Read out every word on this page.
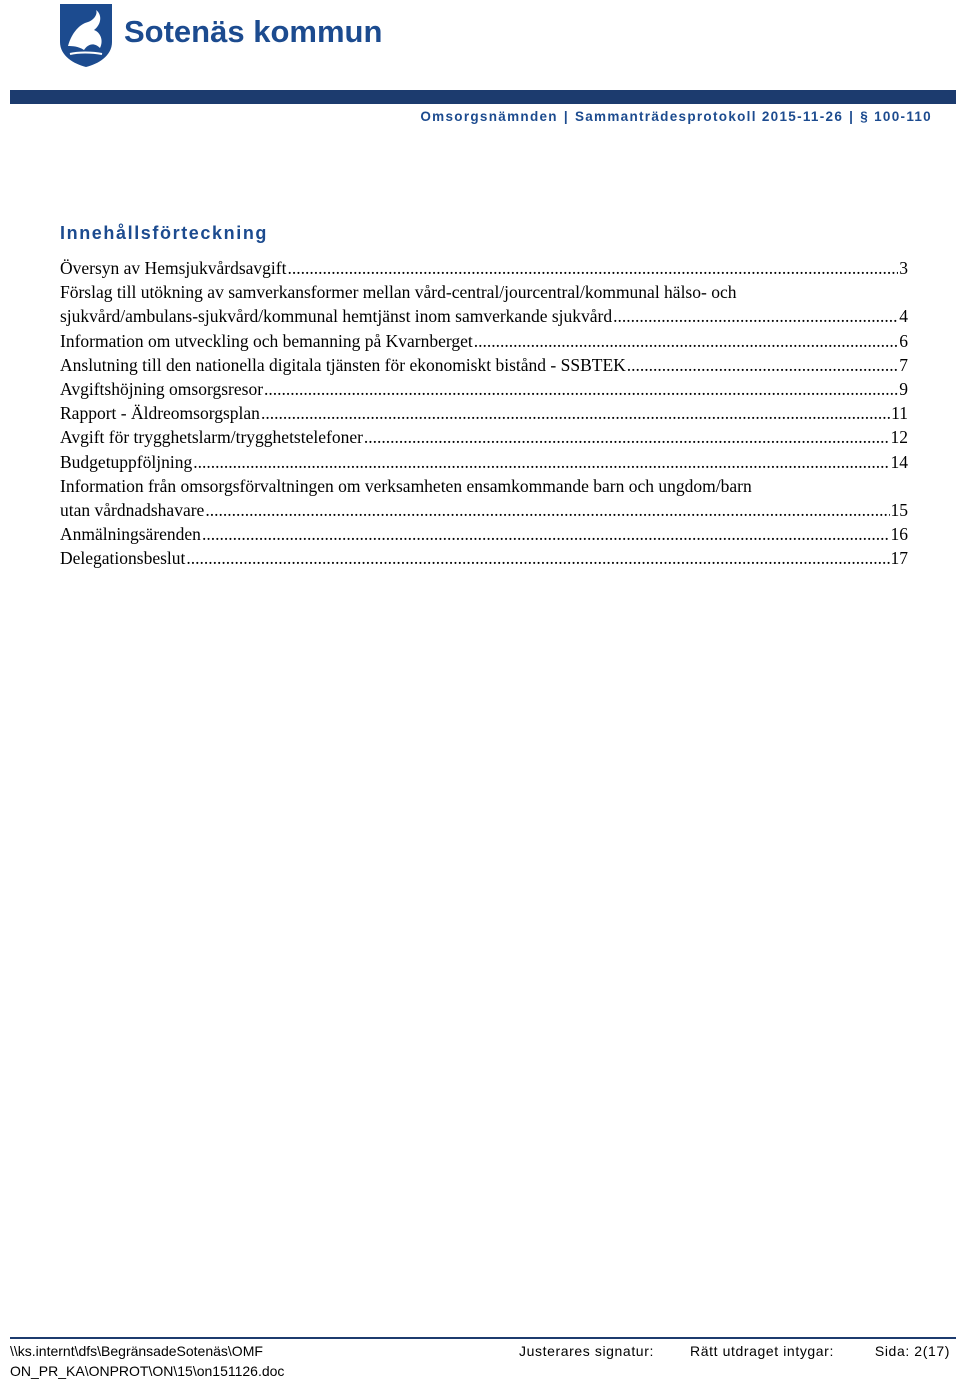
Sotenäs kommun
Omsorgsnämnden | Sammanträdesprotokoll 2015-11-26 | § 100-110
Innehållsförteckning
Översyn av Hemsjukvårdsavgift .....	3
Förslag till utökning av samverkansformer mellan vård-central/jourcentral/kommunal hälso- och
sjukvård/ambulans-sjukvård/kommunal hemtjänst inom samverkande sjukvård .....	4
Information om utveckling och bemanning på Kvarnberget .....	6
Anslutning till den nationella digitala tjänsten för ekonomiskt bistånd - SSBTEK .....	7
Avgiftshöjning omsorgsresor .....	9
Rapport - Äldreomsorgsplan .....	11
Avgift för trygghetslarm/trygghetstelefoner .....	12
Budgetuppföljning .....	14
Information från omsorgsförvaltningen om verksamheten ensamkommande barn och ungdom/barn
utan vårdnadshavare .....	15
Anmälningsärenden .....	16
Delegationsbeslut .....	17
\\ks.internt\dfs\BegränsadeSotenäs\OMF
ON_PR_KA\ONPROT\ON\15\on151126.doc
Justerares signatur:	Rätt utdraget intygar:	Sida: 2(17)
